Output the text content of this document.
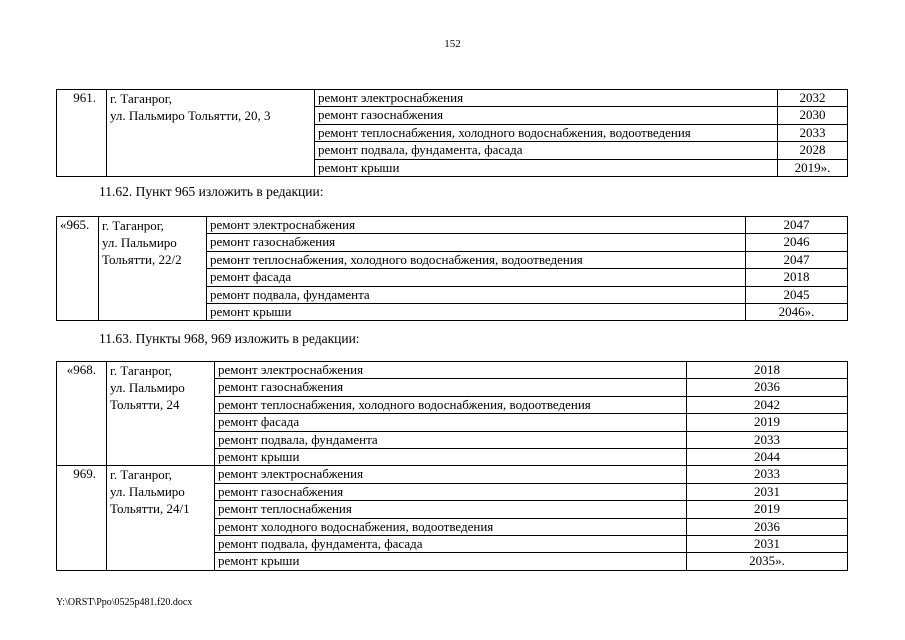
152
961.	г. Таганрог,
ул. Пальмиро Тольятти, 20, 3	ремонт электроснабжения	2032
		ремонт газоснабжения	2030
		ремонт теплоснабжения, холодного водоснабжения, водоотведения	2033
		ремонт подвала, фундамента, фасада	2028
		ремонт крыши	2019».
11.62. Пункт 965 изложить в редакции:
«965.	г. Таганрог,
ул. Пальмиро
Тольятти, 22/2	ремонт электроснабжения	2047
		ремонт газоснабжения	2046
		ремонт теплоснабжения, холодного водоснабжения, водоотведения	2047
		ремонт фасада	2018
		ремонт подвала, фундамента	2045
		ремонт крыши	2046».
11.63. Пункты 968, 969 изложить в редакции:
«968.	г. Таганрог,
ул. Пальмиро
Тольятти, 24	ремонт электроснабжения	2018
		ремонт газоснабжения	2036
		ремонт теплоснабжения, холодного водоснабжения, водоотведения	2042
		ремонт фасада	2019
		ремонт подвала, фундамента	2033
		ремонт крыши	2044
969.	г. Таганрог,
ул. Пальмиро
Тольятти, 24/1	ремонт электроснабжения	2033
		ремонт газоснабжения	2031
		ремонт теплоснабжения	2019
		ремонт холодного водоснабжения, водоотведения	2036
		ремонт подвала, фундамента, фасада	2031
		ремонт крыши	2035».
Y:\ORST\Ppo\0525p481.f20.docx
